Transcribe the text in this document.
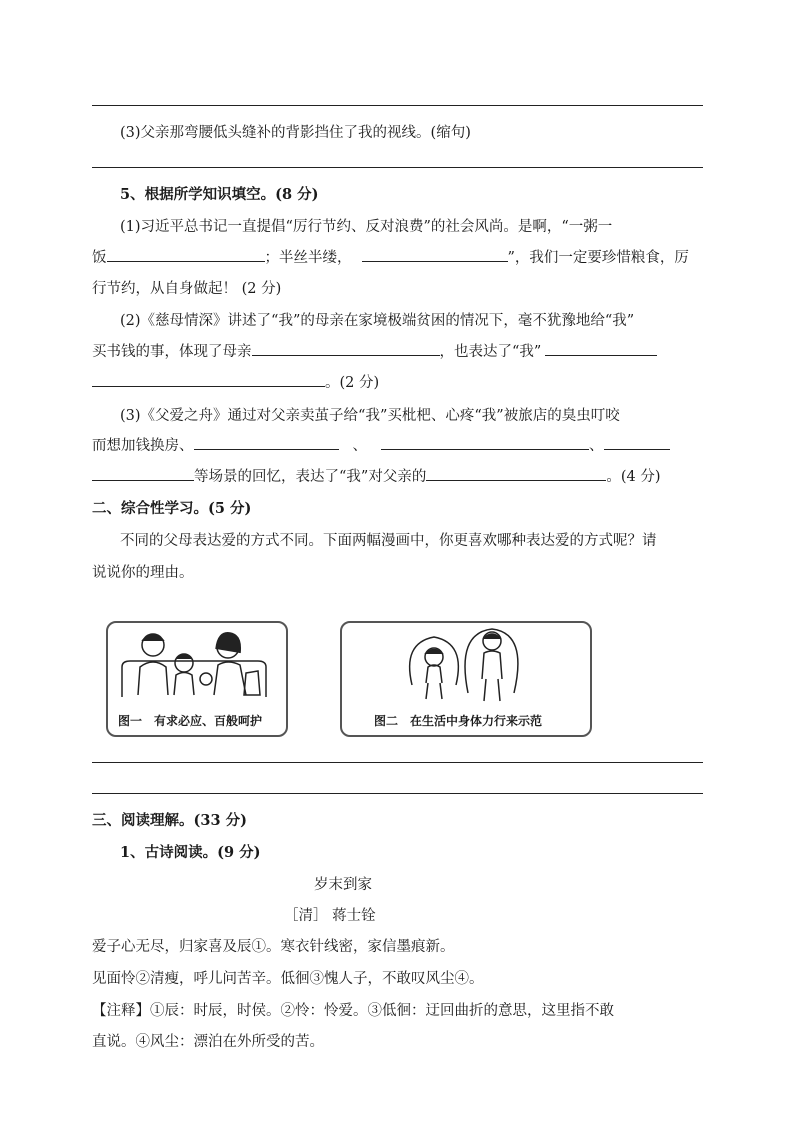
(3)父亲那弯腰低头缝补的背影挡住了我的视线。(缩句)
5、根据所学知识填空。(8 分)
(1)习近平总书记一直提倡“厉行节约、反对浪费”的社会风尚。是啊，“一粥一
饭	；半丝半缕，	”，我们一定要珍惜粮食，厉
行节约，从自身做起！ (2 分)
(2)《慈母情深》讲述了“我”的母亲在家境极端贫困的情况下，毫不犹豫地给“我”
买书钱的事，体现了母亲	，也表达了“我”
。(2 分)
(3)《父爱之舟》通过对父亲卖茧子给“我”买枇杷、心疼“我”被旅店的臭虫叮咬
而想加钱换房、	、	、
等场景的回忆，表达了“我”对父亲的	。(4 分)
二、综合性学习。(5 分)
不同的父母表达爱的方式不同。下面两幅漫画中，你更喜欢哪种表达爱的方式呢？请
说说你的理由。
图一　有求必应、百般呵护	图二　在生活中身体力行来示范
三、阅读理解。(33 分)
1、古诗阅读。(9 分)
岁末到家
［清］ 蒋士铨
爱子心无尽，归家喜及辰①。寒衣针线密，家信墨痕新。
见面怜②清瘦，呼儿问苦辛。低徊③愧人子，不敢叹风尘④。
【注释】①辰：时辰，时侯。②怜：怜爱。③低徊：迂回曲折的意思，这里指不敢
直说。④风尘：漂泊在外所受的苦。
